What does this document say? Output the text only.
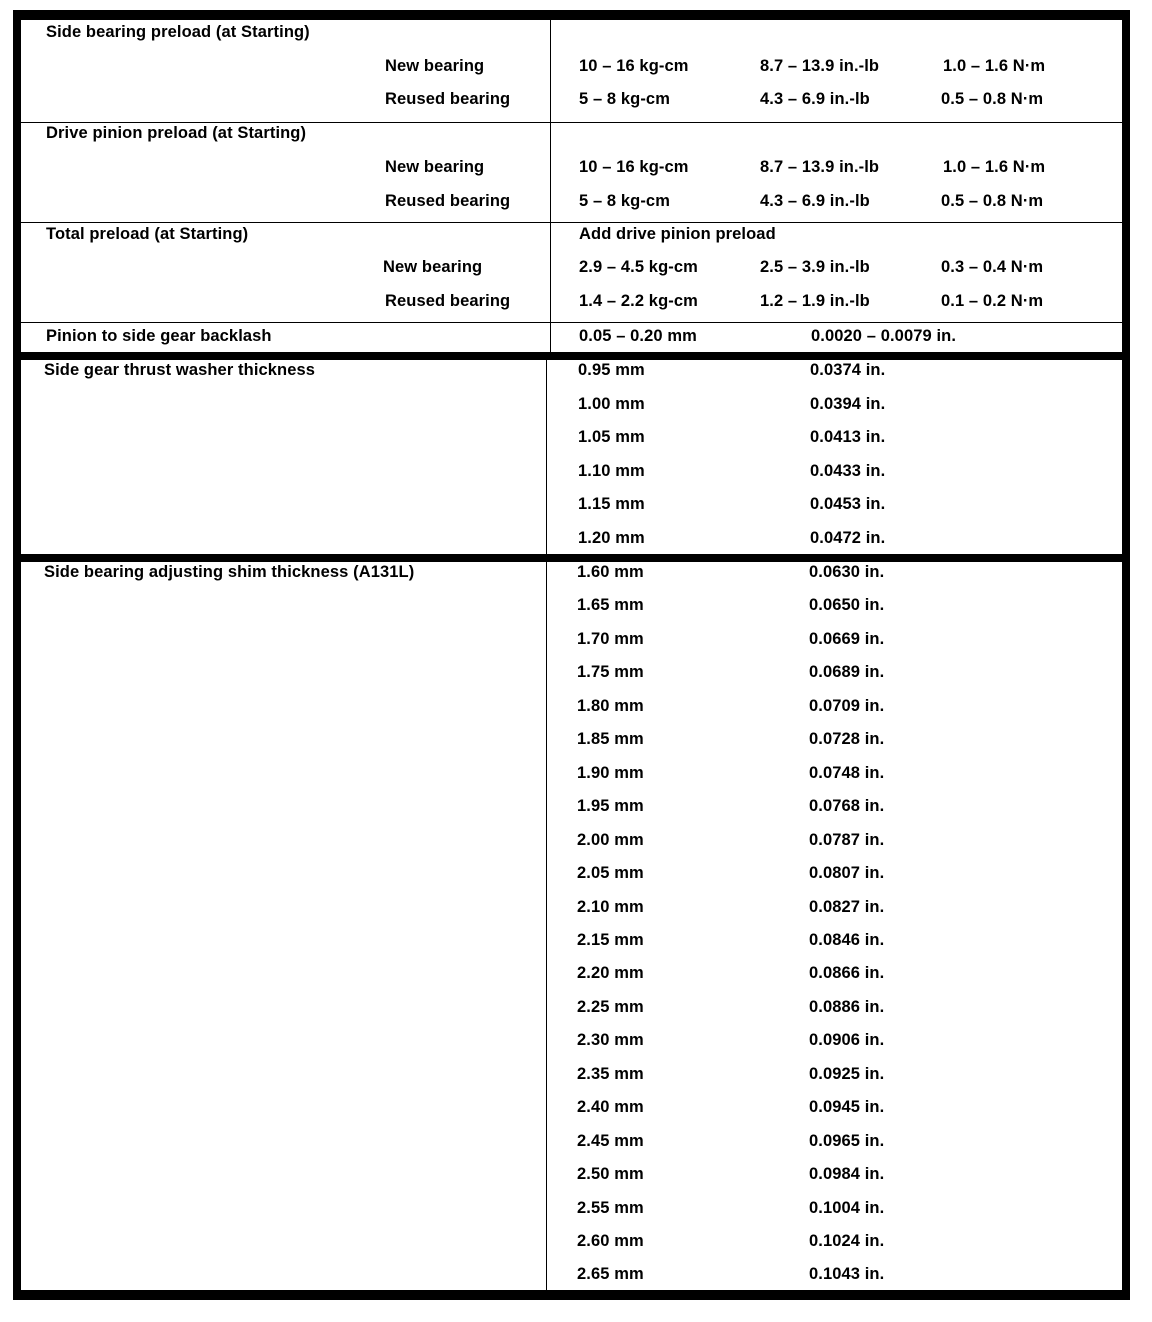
Side bearing preload (at Starting)
New bearing	10 – 16 kg-cm	8.7 – 13.9 in.-lb	1.0 – 1.6 N·m
Reused bearing	5 – 8 kg-cm	4.3 – 6.9 in.-lb	0.5 – 0.8 N·m
Drive pinion preload (at Starting)
New bearing	10 – 16 kg-cm	8.7 – 13.9 in.-lb	1.0 – 1.6 N·m
Reused bearing	5 – 8 kg-cm	4.3 – 6.9 in.-lb	0.5 – 0.8 N·m
Total preload (at Starting)	Add drive pinion preload
New bearing	2.9 – 4.5 kg-cm	2.5 – 3.9 in.-lb	0.3 – 0.4 N·m
Reused bearing	1.4 – 2.2 kg-cm	1.2 – 1.9 in.-lb	0.1 – 0.2 N·m
Pinion to side gear backlash	0.05 – 0.20 mm	0.0020 – 0.0079 in.
Side gear thrust washer thickness	0.95 mm	0.0374 in.
1.00 mm	0.0394 in.
1.05 mm	0.0413 in.
1.10 mm	0.0433 in.
1.15 mm	0.0453 in.
1.20 mm	0.0472 in.
Side bearing adjusting shim thickness (A131L)	1.60 mm	0.0630 in.
1.65 mm	0.0650 in.
1.70 mm	0.0669 in.
1.75 mm	0.0689 in.
1.80 mm	0.0709 in.
1.85 mm	0.0728 in.
1.90 mm	0.0748 in.
1.95 mm	0.0768 in.
2.00 mm	0.0787 in.
2.05 mm	0.0807 in.
2.10 mm	0.0827 in.
2.15 mm	0.0846 in.
2.20 mm	0.0866 in.
2.25 mm	0.0886 in.
2.30 mm	0.0906 in.
2.35 mm	0.0925 in.
2.40 mm	0.0945 in.
2.45 mm	0.0965 in.
2.50 mm	0.0984 in.
2.55 mm	0.1004 in.
2.60 mm	0.1024 in.
2.65 mm	0.1043 in.
